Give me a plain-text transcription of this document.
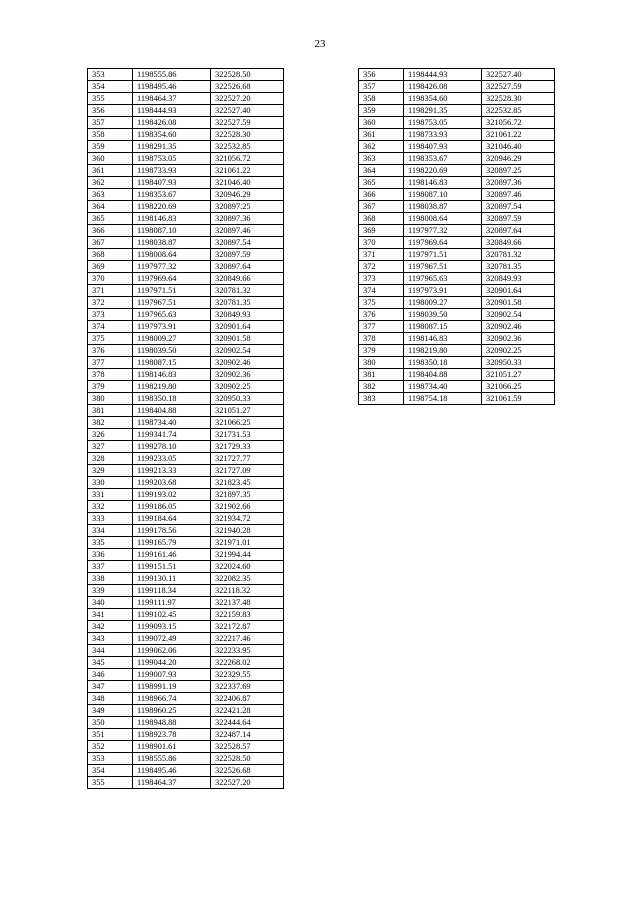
23
353	1198555.86	322528.50
354	1198495.46	322526.68
355	1198464.37	322527.20
356	1198444.93	322527.40
357	1198426.08	322527.59
358	1198354.60	322528.30
359	1198291.35	322532.85
360	1198753.05	321056.72
361	1198733.93	321061.22
362	1198407.93	321046.40
363	1198353.67	320946.29
364	1198220.69	320897.25
365	1198146.83	320897.36
366	1198087.10	320897.46
367	1198038.87	320897.54
368	1198008.64	320897.59
369	1197977.32	320897.64
370	1197969.64	320849.66
371	1197971.51	320781.32
372	1197967.51	320781.35
373	1197965.63	320849.93
374	1197973.91	320901.64
375	1198009.27	320901.58
376	1198039.50	320902.54
377	1198087.15	320902.46
378	1198146.83	320902.36
379	1198219.80	320902.25
380	1198350.18	320950.33
381	1198404.88	321051.27
382	1198734.40	321066.25
326	1199341.74	321731.53
327	1199278.10	321729.33
328	1199233.05	321727.77
329	1199213.33	321727.09
330	1199203.68	321823.45
331	1199193.02	321897.35
332	1199186.05	321902.66
333	1199184.64	321934.72
334	1199178.56	321940.28
335	1199165.79	321971.01
336	1199161.46	321994.44
337	1199151.51	322024.60
338	1199130.11	322082.35
339	1199118.34	322118.32
340	1199111.97	322137.48
341	1199102.45	322159.83
342	1199093.15	322172.87
343	1199072.49	322217.46
344	1199062.06	322233.95
345	1199044.20	322268.02
346	1199007.93	322329.55
347	1198991.19	322337.69
348	1198966.74	322406.87
349	1198960.25	322421.28
350	1198948.88	322444.64
351	1198923.78	322487.14
352	1198901.61	322528.57
353	1198555.86	322528.50
354	1198495.46	322526.68
355	1198464.37	322527.20
356	1198444.93	322527.40
357	1198426.08	322527.59
358	1198354.60	322528.30
359	1198291.35	322532.85
360	1198753.05	321056.72
361	1198733.93	321061.22
362	1198407.93	321046.40
363	1198353.67	320946.29
364	1198220.69	320897.25
365	1198146.83	320897.36
366	1198087.10	320897.46
367	1198038.87	320897.54
368	1198008.64	320897.59
369	1197977.32	320897.64
370	1197969.64	320849.66
371	1197971.51	320781.32
372	1197967.51	320781.35
373	1197965.63	320849.93
374	1197973.91	320901.64
375	1198009.27	320901.58
376	1198039.50	320902.54
377	1198087.15	320902.46
378	1198146.83	320902.36
379	1198219.80	320902.25
380	1198350.18	320950.33
381	1198404.88	321051.27
382	1198734.40	321066.25
383	1198754.18	321061.59
